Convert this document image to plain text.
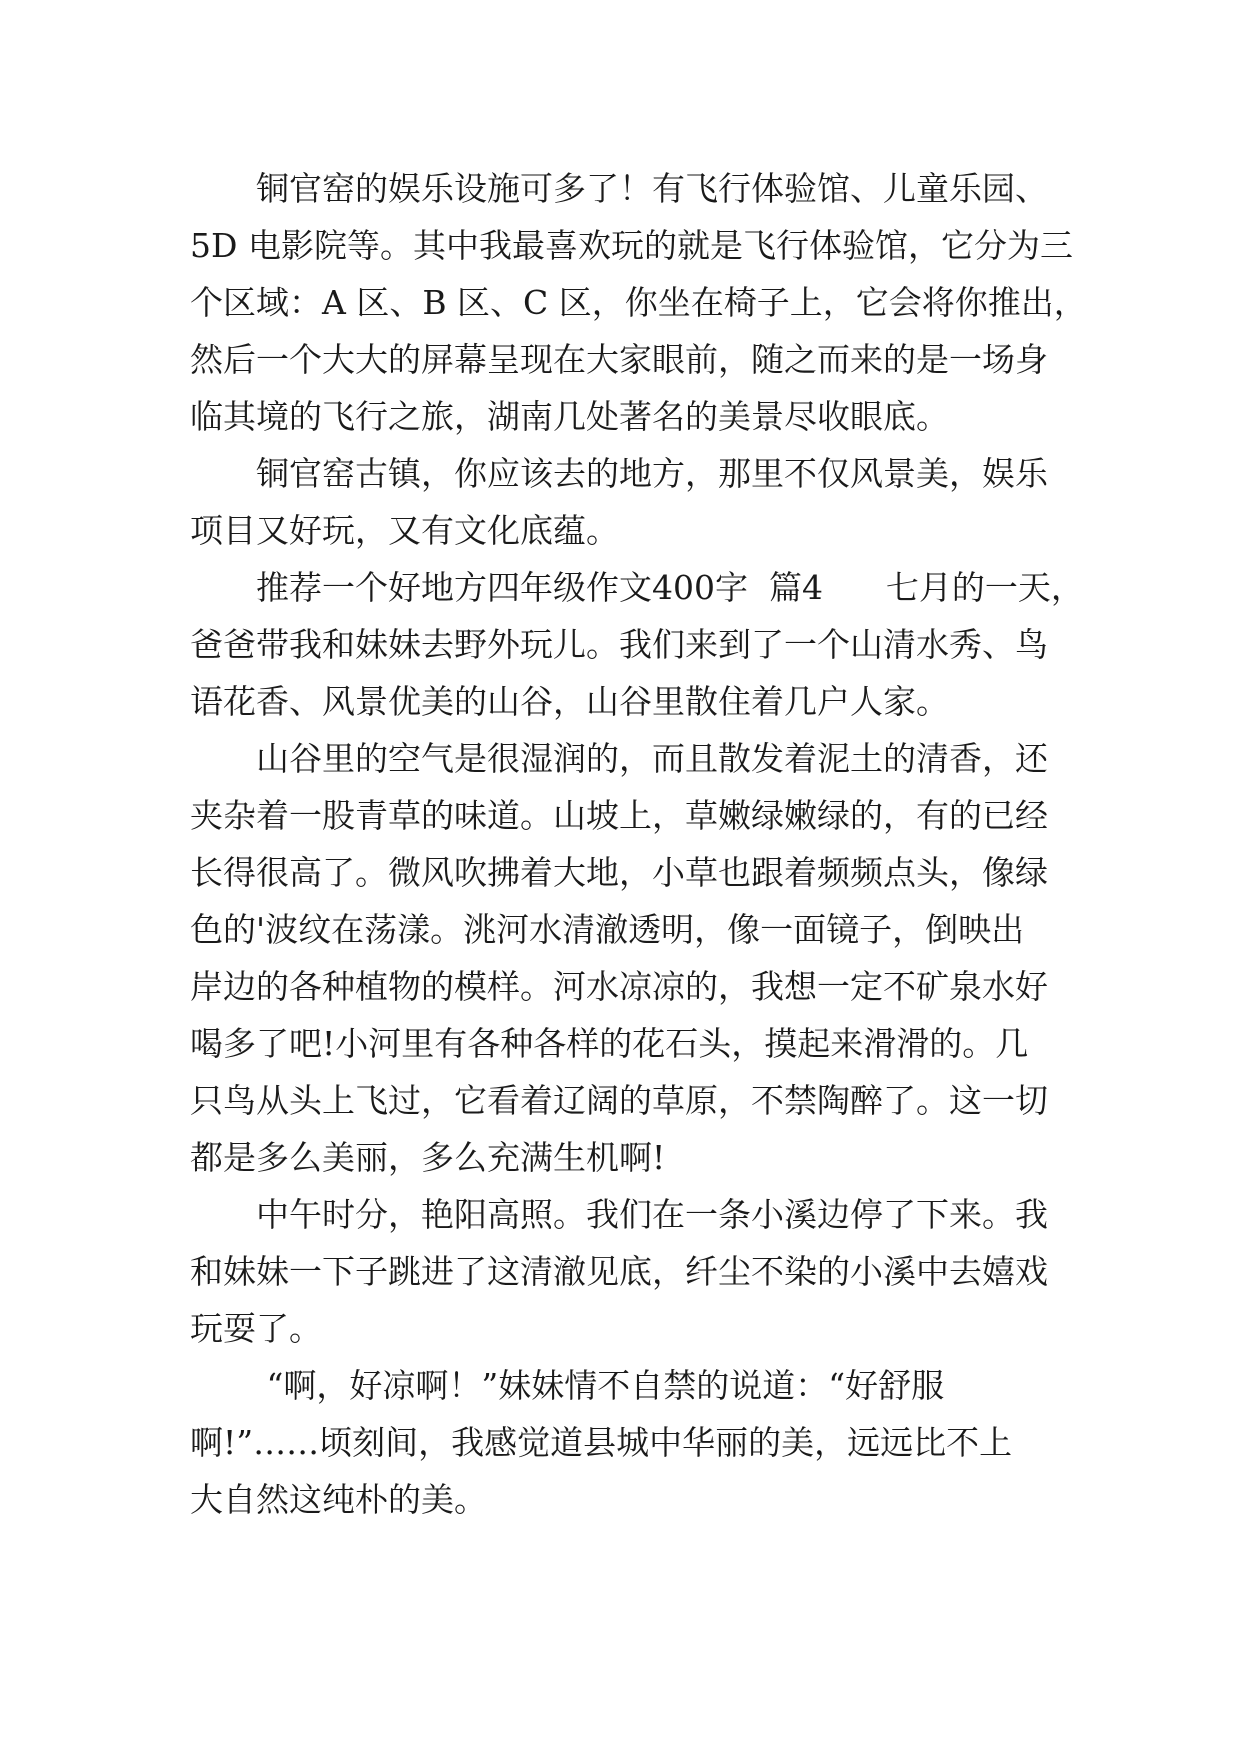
铜官窑的娱乐设施可多了！有飞行体验馆、儿童乐园、
5D 电影院等。其中我最喜欢玩的就是飞行体验馆，它分为三
个区域：A 区、B 区、C 区，你坐在椅子上，它会将你推出，
然后一个大大的屏幕呈现在大家眼前，随之而来的是一场身
临其境的飞行之旅，湖南几处著名的美景尽收眼底。
铜官窑古镇，你应该去的地方，那里不仅风景美，娱乐
项目又好玩，又有文化底蕴。
推荐一个好地方四年级作文400字  篇4      七月的一天，
爸爸带我和妹妹去野外玩儿。我们来到了一个山清水秀、鸟
语花香、风景优美的山谷，山谷里散住着几户人家。
山谷里的空气是很湿润的，而且散发着泥土的清香，还
夹杂着一股青草的味道。山坡上，草嫩绿嫩绿的，有的已经
长得很高了。微风吹拂着大地，小草也跟着频频点头，像绿
色的'波纹在荡漾。洮河水清澈透明，像一面镜子，倒映出
岸边的各种植物的模样。河水凉凉的，我想一定不矿泉水好
喝多了吧!小河里有各种各样的花石头，摸起来滑滑的。几
只鸟从头上飞过，它看着辽阔的草原，不禁陶醉了。这一切
都是多么美丽，多么充满生机啊!
中午时分，艳阳高照。我们在一条小溪边停了下来。我
和妹妹一下子跳进了这清澈见底，纤尘不染的小溪中去嬉戏
玩耍了。
“啊，好凉啊！”妹妹情不自禁的说道：“好舒服
啊!”……顷刻间，我感觉道县城中华丽的美，远远比不上
大自然这纯朴的美。
